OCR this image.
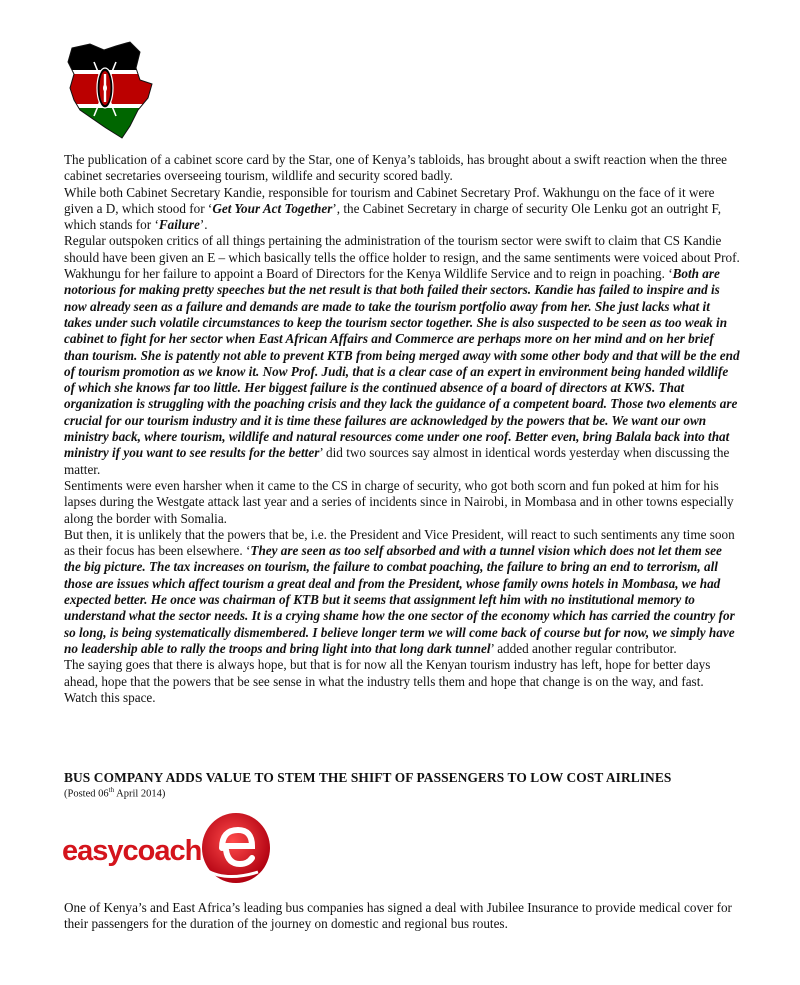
The publication of a cabinet score card by the Star, one of Kenya’s tabloids, has brought about a swift reaction when the three cabinet secretaries overseeing tourism, wildlife and security scored badly.

While both Cabinet Secretary Kandie, responsible for tourism and Cabinet Secretary Prof. Wakhungu on the face of it were given a D, which stood for ‘Get Your Act Together’, the Cabinet Secretary in charge of security Ole Lenku got an outright F, which stands for ‘Failure’.

Regular outspoken critics of all things pertaining the administration of the tourism sector were swift to claim that CS Kandie should have been given an E – which basically tells the office holder to resign, and the same sentiments were voiced about Prof. Wakhungu for her failure to appoint a Board of Directors for the Kenya Wildlife Service and to reign in poaching. ‘Both are notorious for making pretty speeches but the net result is that both failed their sectors. Kandie has failed to inspire and is now already seen as a failure and demands are made to take the tourism portfolio away from her. She just lacks what it takes under such volatile circumstances to keep the tourism sector together. She is also suspected to be seen as too weak in cabinet to fight for her sector when East African Affairs and Commerce are perhaps more on her mind and on her brief than tourism. She is patently not able to prevent KTB from being merged away with some other body and that will be the end of tourism promotion as we know it. Now Prof. Judi, that is a clear case of an expert in environment being handed wildlife of which she knows far too little. Her biggest failure is the continued absence of a board of directors at KWS. That organization is struggling with the poaching crisis and they lack the guidance of a competent board. Those two elements are crucial for our tourism industry and it is time these failures are acknowledged by the powers that be. We want our own ministry back, where tourism, wildlife and natural resources come under one roof. Better even, bring Balala back into that ministry if you want to see results for the better’ did two sources say almost in identical words yesterday when discussing the matter.

Sentiments were even harsher when it came to the CS in charge of security, who got both scorn and fun poked at him for his lapses during the Westgate attack last year and a series of incidents since in Nairobi, in Mombasa and in other towns especially along the border with Somalia.

But then, it is unlikely that the powers that be, i.e. the President and Vice President, will react to such sentiments any time soon as their focus has been elsewhere. ‘They are seen as too self absorbed and with a tunnel vision which does not let them see the big picture. The tax increases on tourism, the failure to combat poaching, the failure to bring an end to terrorism, all those are issues which affect tourism a great deal and from the President, whose family owns hotels in Mombasa, we had expected better. He once was chairman of KTB but it seems that assignment left him with no institutional memory to understand what the sector needs. It is a crying shame how the one sector of the economy which has carried the country for so long, is being systematically dismembered. I believe longer term we will come back of course but for now, we simply have no leadership able to rally the troops and bring light into that long dark tunnel’ added another regular contributor.

The saying goes that there is always hope, but that is for now all the Kenyan tourism industry has left, hope for better days ahead, hope that the powers that be see sense in what the industry tells them and hope that change is on the way, and fast. Watch this space.

BUS COMPANY ADDS VALUE TO STEM THE SHIFT OF PASSENGERS TO LOW COST AIRLINES
(Posted 06th April 2014)
easycoach
One of Kenya’s and East Africa’s leading bus companies has signed a deal with Jubilee Insurance to provide medical cover for their passengers for the duration of the journey on domestic and regional bus routes.
